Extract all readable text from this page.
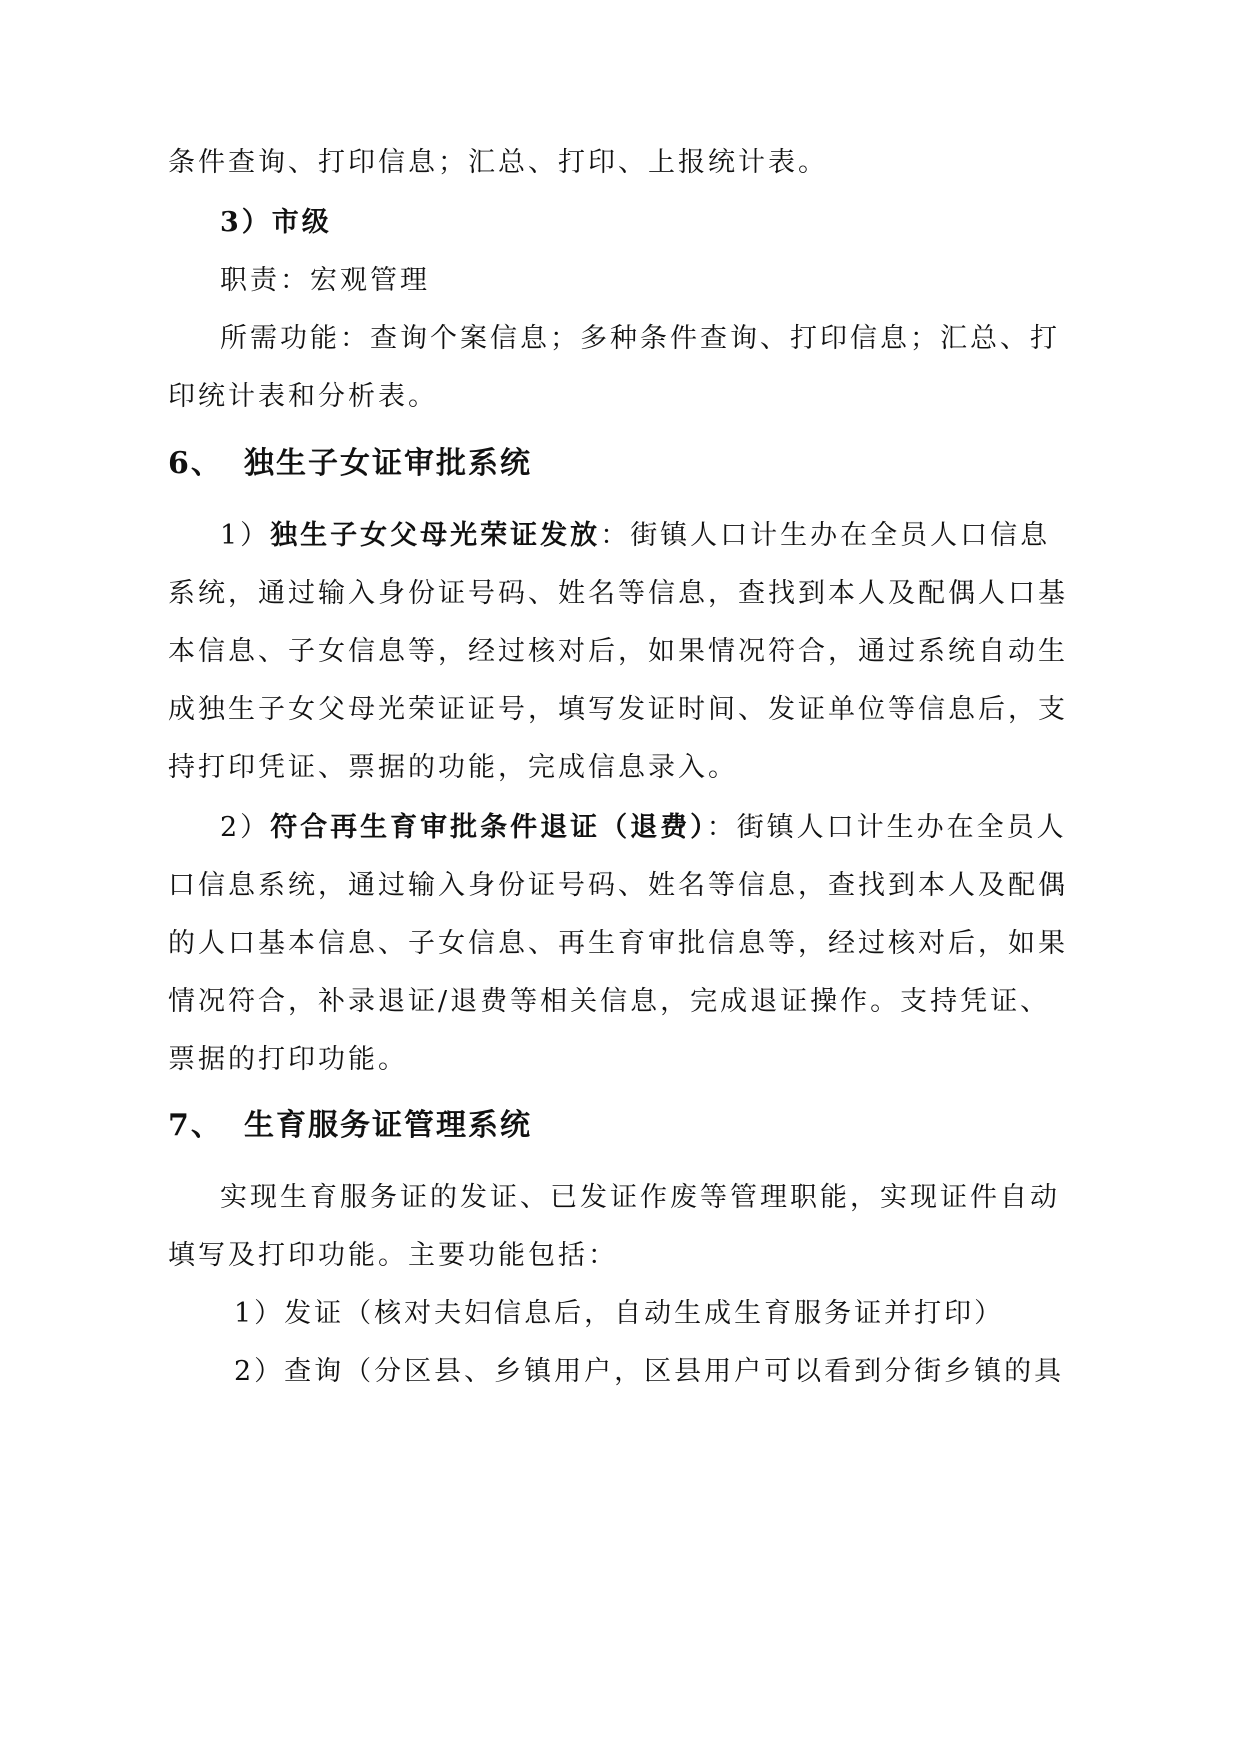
条件查询、打印信息；汇总、打印、上报统计表。
3）市级
职责：宏观管理
所需功能：查询个案信息；多种条件查询、打印信息；汇总、打
印统计表和分析表。
6、 独生子女证审批系统
1）独生子女父母光荣证发放：街镇人口计生办在全员人口信息
系统，通过输入身份证号码、姓名等信息，查找到本人及配偶人口基
本信息、子女信息等，经过核对后，如果情况符合，通过系统自动生
成独生子女父母光荣证证号，填写发证时间、发证单位等信息后，支
持打印凭证、票据的功能，完成信息录入。
2）符合再生育审批条件退证（退费）：街镇人口计生办在全员人
口信息系统，通过输入身份证号码、姓名等信息，查找到本人及配偶
的人口基本信息、子女信息、再生育审批信息等，经过核对后，如果
情况符合，补录退证/退费等相关信息，完成退证操作。支持凭证、
票据的打印功能。
7、 生育服务证管理系统
实现生育服务证的发证、已发证作废等管理职能，实现证件自动
填写及打印功能。主要功能包括：
1）发证（核对夫妇信息后，自动生成生育服务证并打印）
2）查询（分区县、乡镇用户，区县用户可以看到分街乡镇的具
